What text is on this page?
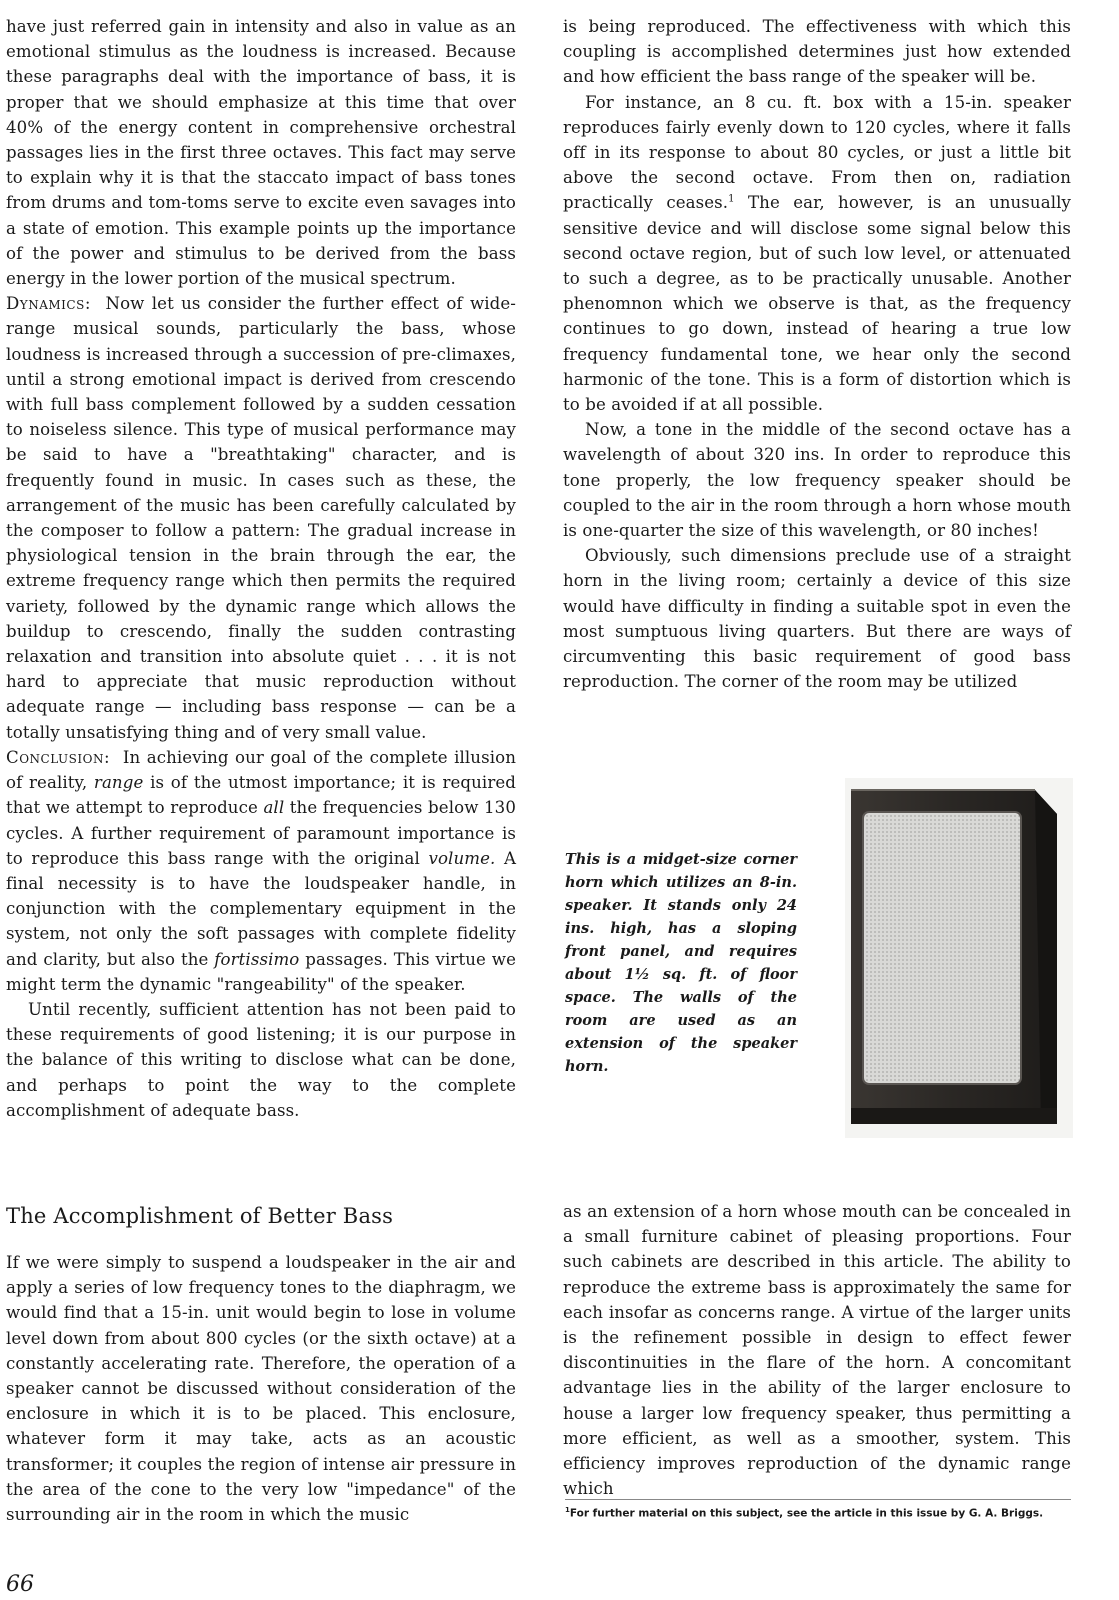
have just referred gain in intensity and also in value as an emotional stimulus as the loudness is increased. Because these paragraphs deal with the importance of bass, it is proper that we should emphasize at this time that over 40% of the energy content in comprehensive orchestral passages lies in the first three octaves. This fact may serve to explain why it is that the staccato impact of bass tones from drums and tom-toms serve to excite even savages into a state of emotion. This example points up the importance of the power and stimulus to be derived from the bass energy in the lower portion of the musical spectrum.

Dynamics: Now let us consider the further effect of wide-range musical sounds, particularly the bass, whose loudness is increased through a succession of pre-climaxes, until a strong emotional impact is derived from crescendo with full bass complement followed by a sudden cessation to noiseless silence. This type of musical performance may be said to have a "breathtaking" character, and is frequently found in music. In cases such as these, the arrangement of the music has been carefully calculated by the composer to follow a pattern: The gradual increase in physiological tension in the brain through the ear, the extreme frequency range which then permits the required variety, followed by the dynamic range which allows the buildup to crescendo, finally the sudden contrasting relaxation and transition into absolute quiet . . . it is not hard to appreciate that music reproduction without adequate range — including bass response — can be a totally unsatisfying thing and of very small value.

Conclusion: In achieving our goal of the complete illusion of reality, range is of the utmost importance; it is required that we attempt to reproduce all the frequencies below 130 cycles. A further requirement of paramount importance is to reproduce this bass range with the original volume. A final necessity is to have the loudspeaker handle, in conjunction with the complementary equipment in the system, not only the soft passages with complete fidelity and clarity, but also the fortissimo passages. This virtue we might term the dynamic "rangeability" of the speaker.

Until recently, sufficient attention has not been paid to these requirements of good listening; it is our purpose in the balance of this writing to disclose what can be done, and perhaps to point the way to the complete accomplishment of adequate bass.

is being reproduced. The effectiveness with which this coupling is accomplished determines just how extended and how efficient the bass range of the speaker will be.

For instance, an 8 cu. ft. box with a 15-in. speaker reproduces fairly evenly down to 120 cycles, where it falls off in its response to about 80 cycles, or just a little bit above the second octave. From then on, radiation practically ceases.$^1$ The ear, however, is an unusually sensitive device and will disclose some signal below this second octave region, but of such low level, or attenuated to such a degree, as to be practically unusable. Another phenomnon which we observe is that, as the frequency continues to go down, instead of hearing a true low frequency fundamental tone, we hear only the second harmonic of the tone. This is a form of distortion which is to be avoided if at all possible.

Now, a tone in the middle of the second octave has a wavelength of about 320 ins. In order to reproduce this tone properly, the low frequency speaker should be coupled to the air in the room through a horn whose mouth is one-quarter the size of this wavelength, or 80 inches!

Obviously, such dimensions preclude use of a straight horn in the living room; certainly a device of this size would have difficulty in finding a suitable spot in even the most sumptuous living quarters. But there are ways of circumventing this basic requirement of good bass reproduction. The corner of the room may be utilized

This is a midget-size corner horn which utilizes an 8-in. speaker. It stands only 24 ins. high, has a sloping front panel, and requires about 1½ sq. ft. of floor space. The walls of the room are used as an extension of the speaker horn.
The Accomplishment of Better Bass

If we were simply to suspend a loudspeaker in the air and apply a series of low frequency tones to the diaphragm, we would find that a 15-in. unit would begin to lose in volume level down from about 800 cycles (or the sixth octave) at a constantly accelerating rate. Therefore, the operation of a speaker cannot be discussed without consideration of the enclosure in which it is to be placed. This enclosure, whatever form it may take, acts as an acoustic transformer; it couples the region of intense air pressure in the area of the cone to the very low "impedance" of the surrounding air in the room in which the music

as an extension of a horn whose mouth can be concealed in a small furniture cabinet of pleasing proportions. Four such cabinets are described in this article. The ability to reproduce the extreme bass is approximately the same for each insofar as concerns range. A virtue of the larger units is the refinement possible in design to effect fewer discontinuities in the flare of the horn. A concomitant advantage lies in the ability of the larger enclosure to house a larger low frequency speaker, thus permitting a more efficient, as well as a smoother, system. This efficiency improves reproduction of the dynamic range which

$^1$For further material on this subject, see the article in this issue by G. A. Briggs.
66
